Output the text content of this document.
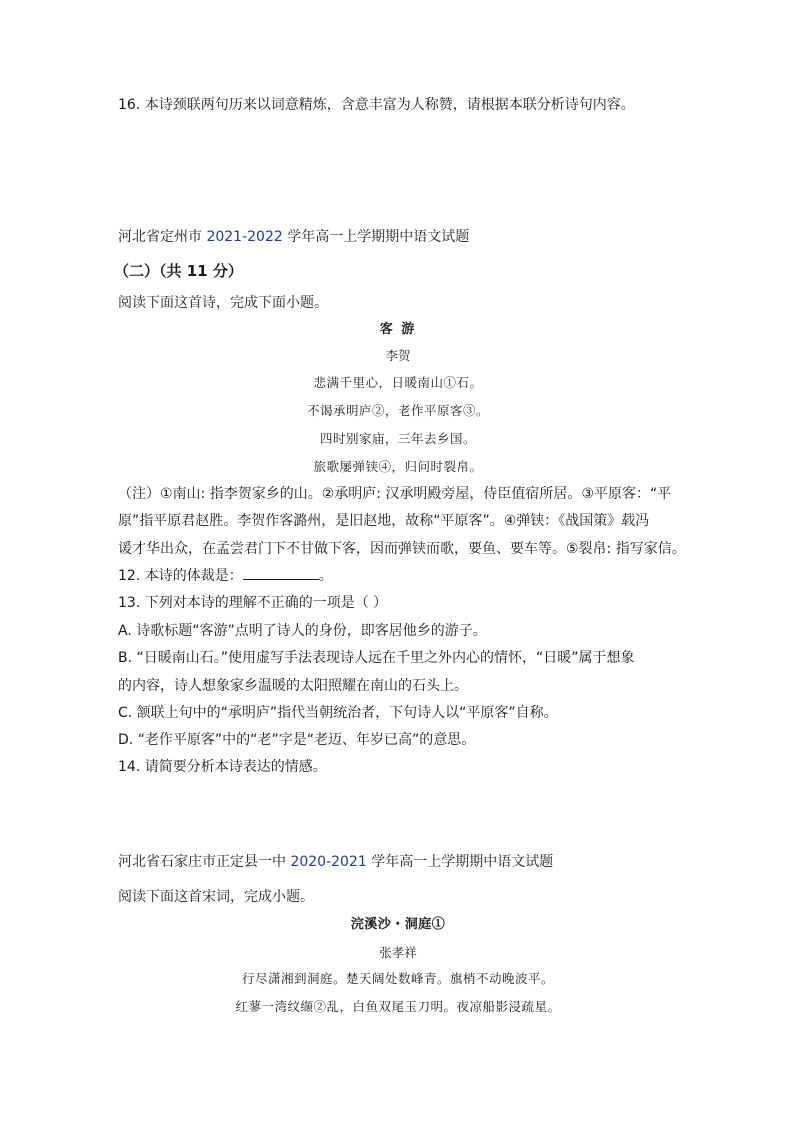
16. 本诗颈联两句历来以词意精炼，含意丰富为人称赞，请根据本联分析诗句内容。
河北省定州市 2021-2022 学年高一上学期期中语文试题
（二）（共 11 分）
阅读下面这首诗，完成下面小题。
客 游
李贺
悲满千里心，日暖南山①石。
不谒承明庐②，老作平原客③。
四时别家庙，三年去乡国。
旅歌屡弹铗④，归问时裂帛。
（注）①南山: 指李贺家乡的山。②承明庐: 汉承明殿旁屋，侍臣值宿所居。③平原客：“平
原”指平原君赵胜。李贺作客潞州，是旧赵地，故称“平原客”。④弹铗：《战国策》载冯
谖才华出众，在孟尝君门下不甘做下客，因而弹铗而歌，要鱼、要车等。⑤裂帛: 指写家信。
12. 本诗的体裁是：	。
13. 下列对本诗的理解不正确的一项是（ ）
A. 诗歌标题“客游”点明了诗人的身份，即客居他乡的游子。
B. “日暖南山石。”使用虚写手法表现诗人远在千里之外内心的情怀，“日暖”属于想象
的内容，诗人想象家乡温暖的太阳照耀在南山的石头上。
C. 颔联上句中的“承明庐”指代当朝统治者，下句诗人以“平原客”自称。
D. “老作平原客”中的“老”字是“老迈、年岁已高”的意思。
14. 请简要分析本诗表达的情感。
河北省石家庄市正定县一中 2020-2021 学年高一上学期期中语文试题
阅读下面这首宋词，完成小题。
浣溪沙・洞庭①
张孝祥
行尽潇湘到洞庭。楚天阔处数峰青。旗梢不动晚波平。
红蓼一湾纹缬②乱，白鱼双尾玉刀明。夜凉船影浸疏星。
